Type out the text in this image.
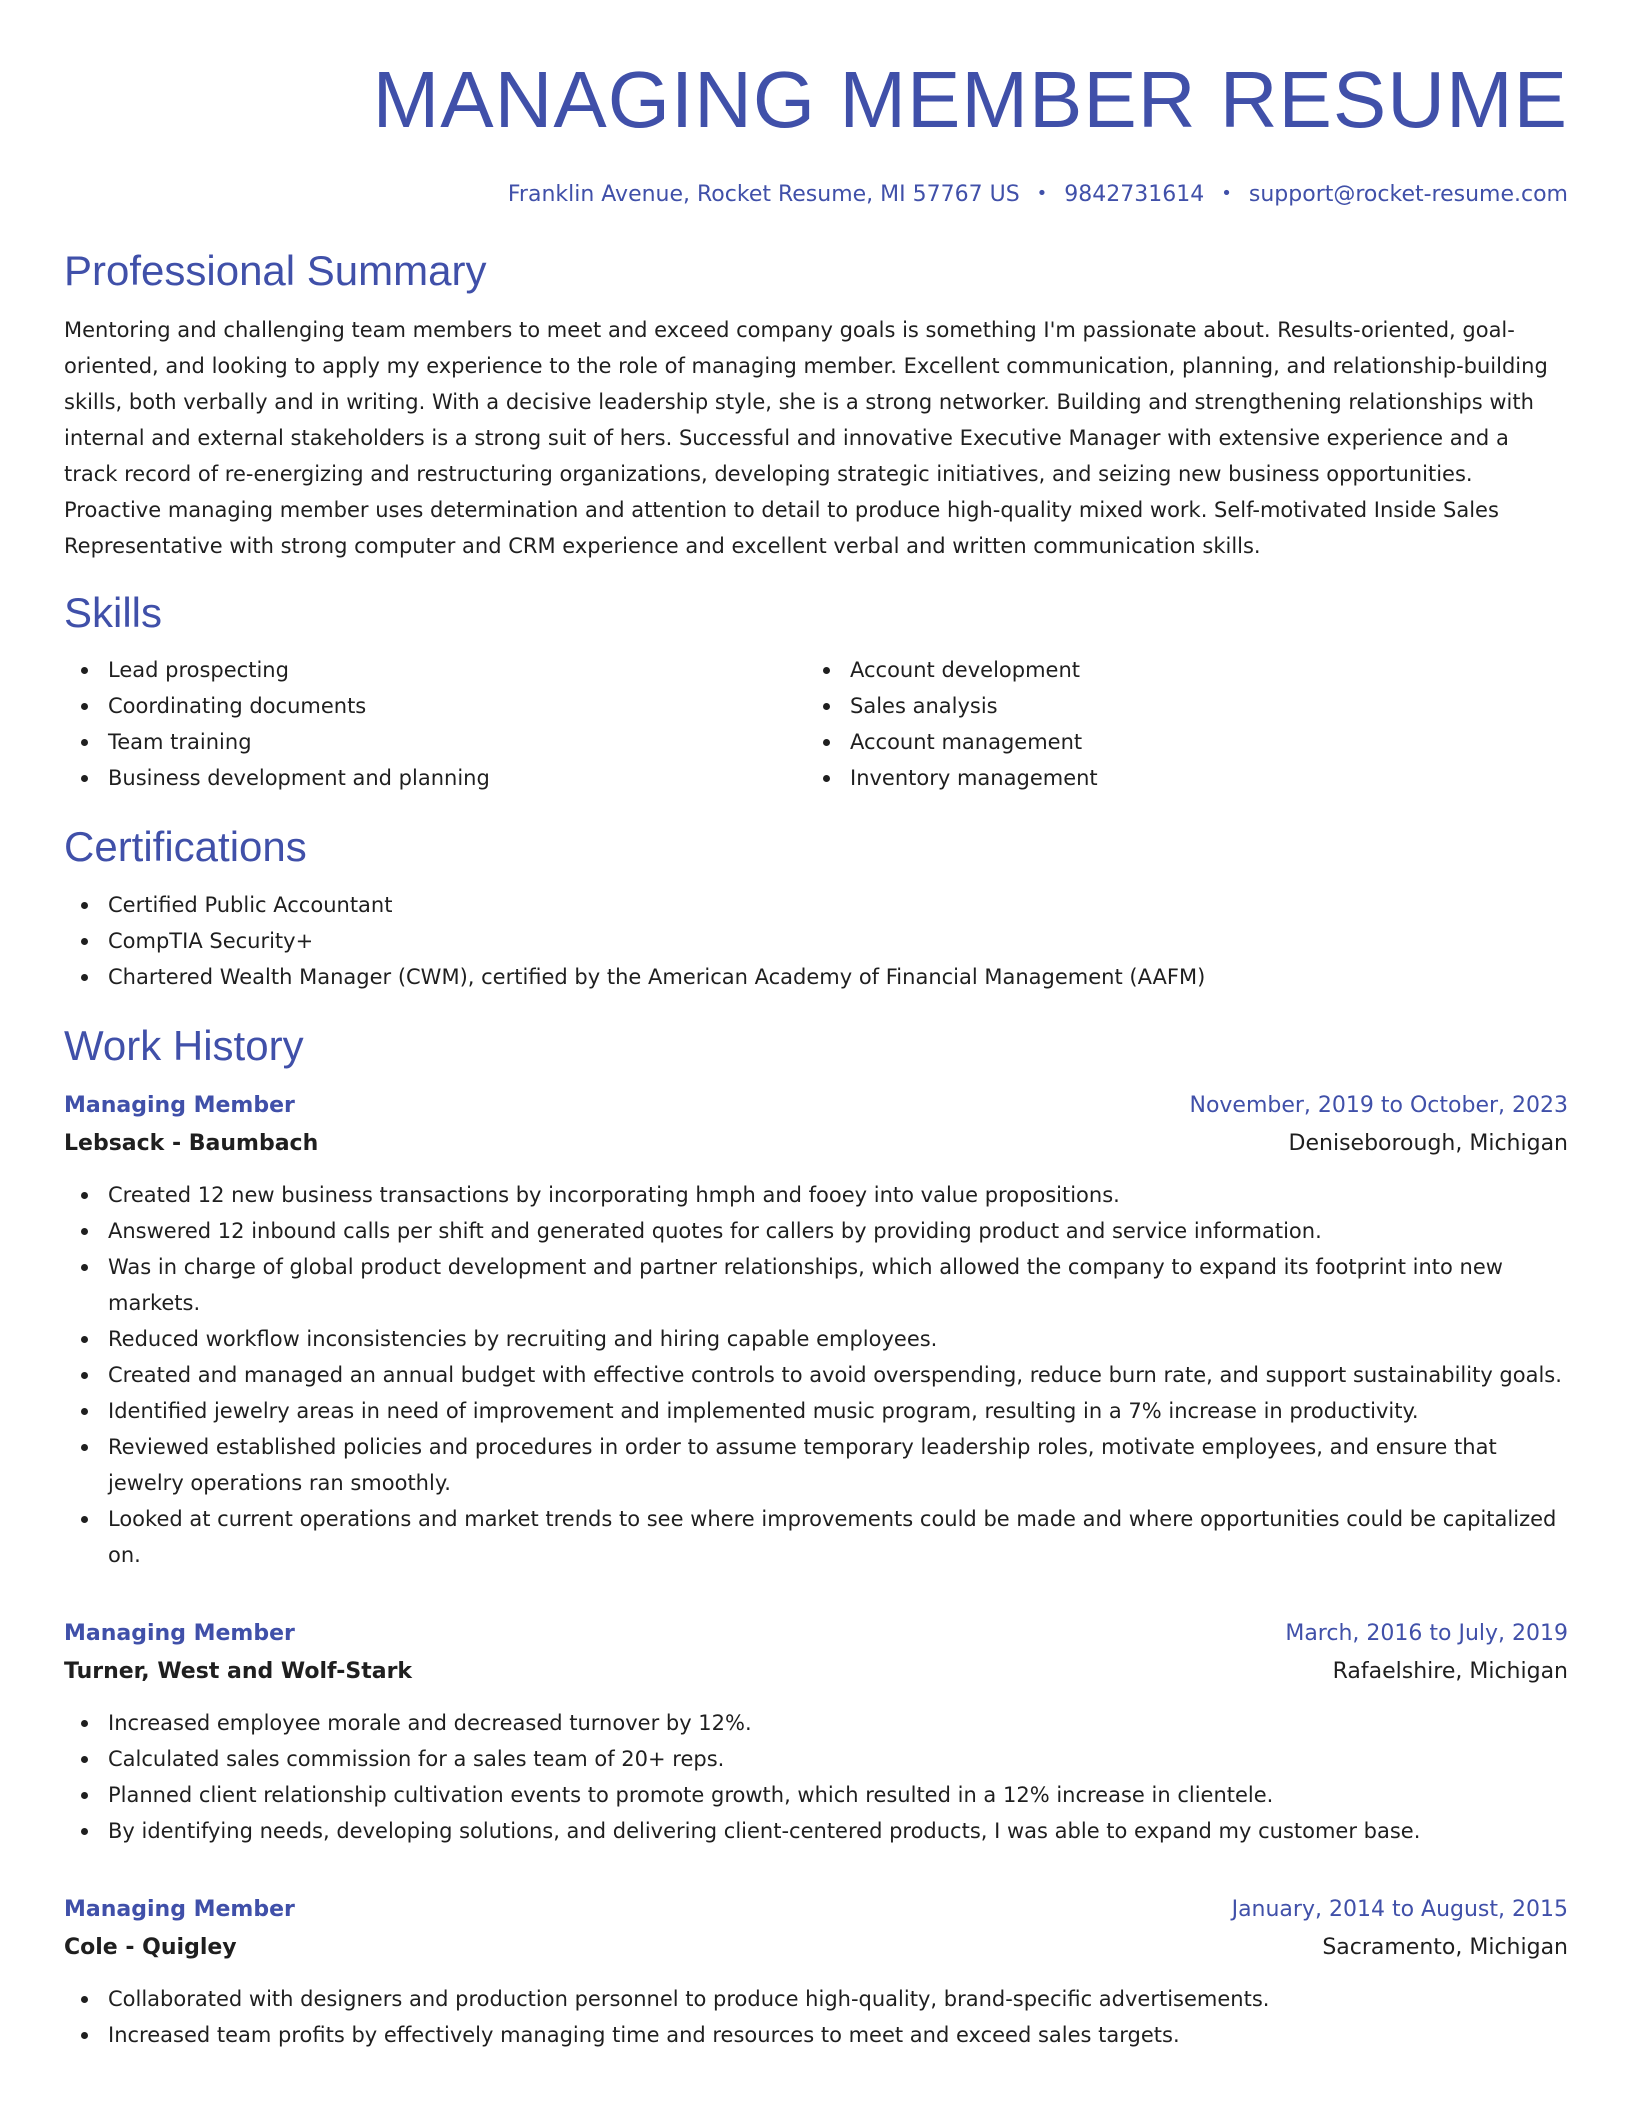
MANAGING MEMBER RESUME
Franklin Avenue, Rocket Resume, MI 57767 US • 9842731614 • support@rocket-resume.com
Professional Summary

Mentoring and challenging team members to meet and exceed company goals is something I'm passionate about. Results-oriented, goal-oriented, and looking to apply my experience to the role of managing member. Excellent communication, planning, and relationship-building skills, both verbally and in writing. With a decisive leadership style, she is a strong networker. Building and strengthening relationships with internal and external stakeholders is a strong suit of hers. Successful and innovative Executive Manager with extensive experience and a track record of re-energizing and restructuring organizations, developing strategic initiatives, and seizing new business opportunities. Proactive managing member uses determination and attention to detail to produce high-quality mixed work. Self-motivated Inside Sales Representative with strong computer and CRM experience and excellent verbal and written communication skills.

Skills
Lead prospecting
Coordinating documents
Team training
Business development and planning
Account development
Sales analysis
Account management
Inventory management
Certifications
Certified Public Accountant
CompTIA Security+
Chartered Wealth Manager (CWM), certified by the American Academy of Financial Management (AAFM)
Work History
Managing Member	November, 2019 to October, 2023
Lebsack - Baumbach	Deniseborough, Michigan
Created 12 new business transactions by incorporating hmph and fooey into value propositions.
Answered 12 inbound calls per shift and generated quotes for callers by providing product and service information.
Was in charge of global product development and partner relationships, which allowed the company to expand its footprint into new markets.
Reduced workflow inconsistencies by recruiting and hiring capable employees.
Created and managed an annual budget with effective controls to avoid overspending, reduce burn rate, and support sustainability goals.
Identified jewelry areas in need of improvement and implemented music program, resulting in a 7% increase in productivity.
Reviewed established policies and procedures in order to assume temporary leadership roles, motivate employees, and ensure that jewelry operations ran smoothly.
Looked at current operations and market trends to see where improvements could be made and where opportunities could be capitalized on.
Managing Member	March, 2016 to July, 2019
Turner, West and Wolf-Stark	Rafaelshire, Michigan
Increased employee morale and decreased turnover by 12%.
Calculated sales commission for a sales team of 20+ reps.
Planned client relationship cultivation events to promote growth, which resulted in a 12% increase in clientele.
By identifying needs, developing solutions, and delivering client-centered products, I was able to expand my customer base.
Managing Member	January, 2014 to August, 2015
Cole - Quigley	Sacramento, Michigan
Collaborated with designers and production personnel to produce high-quality, brand-specific advertisements.
Increased team profits by effectively managing time and resources to meet and exceed sales targets.
